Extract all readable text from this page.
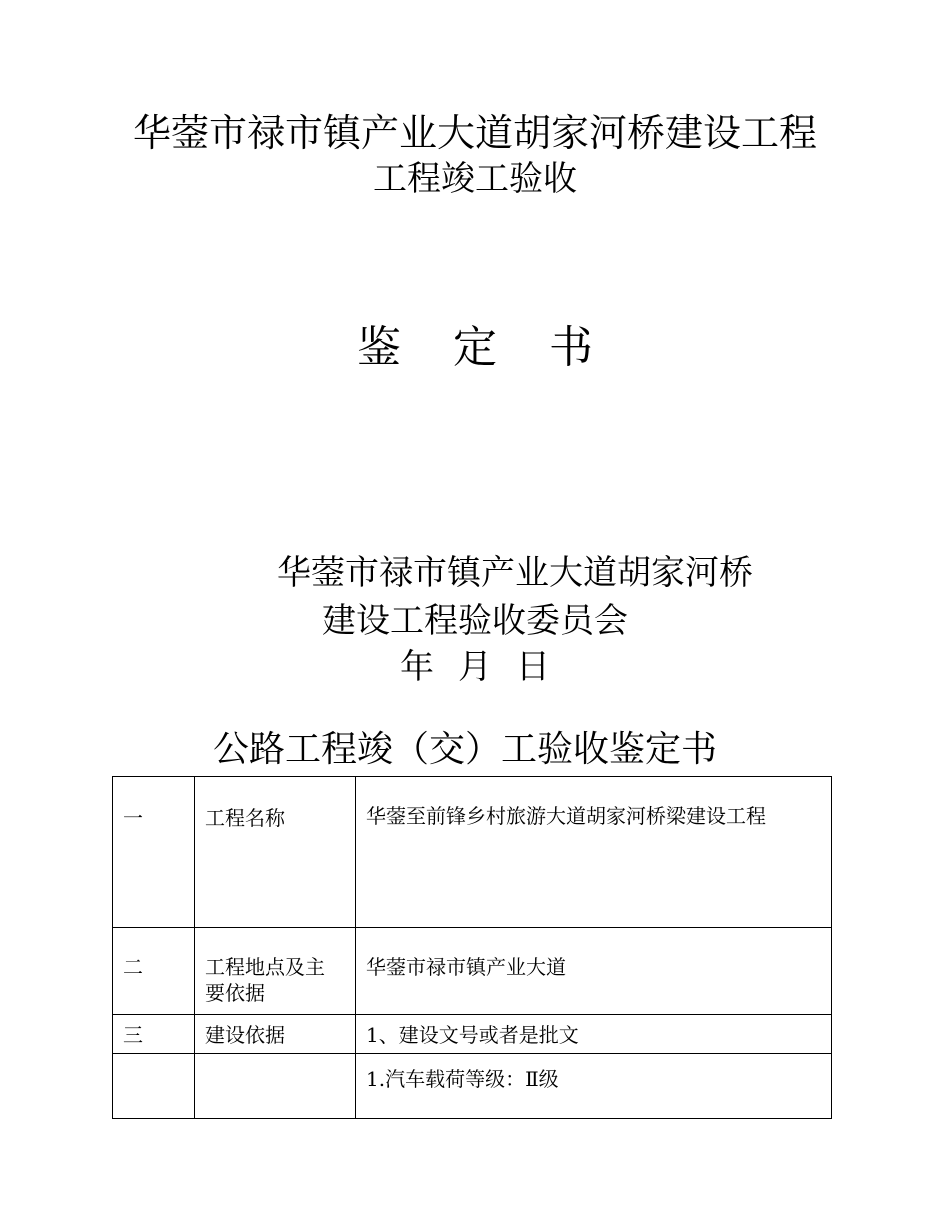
华蓥市禄市镇产业大道胡家河桥建设工程
工程竣工验收
鉴 定 书
华蓥市禄市镇产业大道胡家河桥
建设工程验收委员会
年 月 日
公路工程竣（交）工验收鉴定书
一	工程名称	华蓥至前锋乡村旅游大道胡家河桥梁建设工程

二	工程地点及主要依据	华蓥市禄市镇产业大道

三	建设依据	1、建设文号或者是批文

		1.汽车载荷等级：Ⅱ级
